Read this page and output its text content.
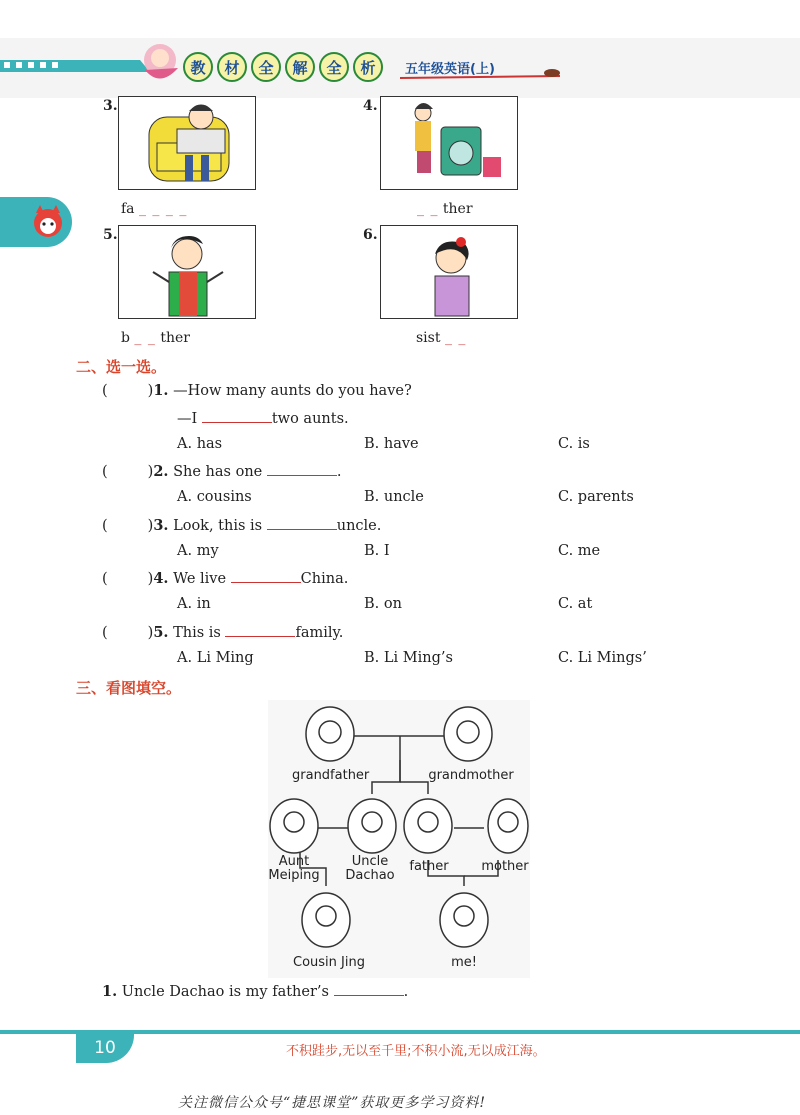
教	材	全	解	全	析	五年级英语(上)
3.
fa _ _ _ _
4.
_ _ ther
5.
b _ _ ther
6.
sist _ _
二、选一选。
(	)1. —How many aunts do you have?
—I	two aunts.
A. has	B. have	C. is
(	)2. She has one	.
A. cousins	B. uncle	C. parents
(	)3. Look, this is	uncle.
A. my	B. I	C. me
(	)4. We live	China.
A. in	B. on	C. at
(	)5. This is	family.
A. Li Ming	B. Li Ming’s	C. Li Mings’
三、看图填空。
grandfather	grandmother
Aunt
Meiping
Uncle
Dachao
father	mother
Cousin Jing	me!
1. Uncle Dachao is my father’s	.
10	不积跬步,无以至千里;不积小流,无以成江海。
关注微信公众号“捷思课堂”获取更多学习资料!
